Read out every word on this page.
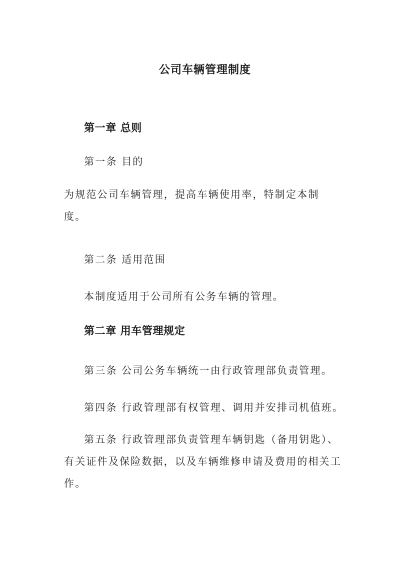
公司车辆管理制度
第一章 总则
第一条 目的
为规范公司车辆管理，提高车辆使用率，特制定本制度。
第二条 适用范围
本制度适用于公司所有公务车辆的管理。
第二章 用车管理规定
第三条 公司公务车辆统一由行政管理部负责管理。
第四条 行政管理部有权管理、调用并安排司机值班。
第五条 行政管理部负责管理车辆钥匙（备用钥匙）、有关证件及保险数据，以及车辆维修申请及费用的相关工作。
